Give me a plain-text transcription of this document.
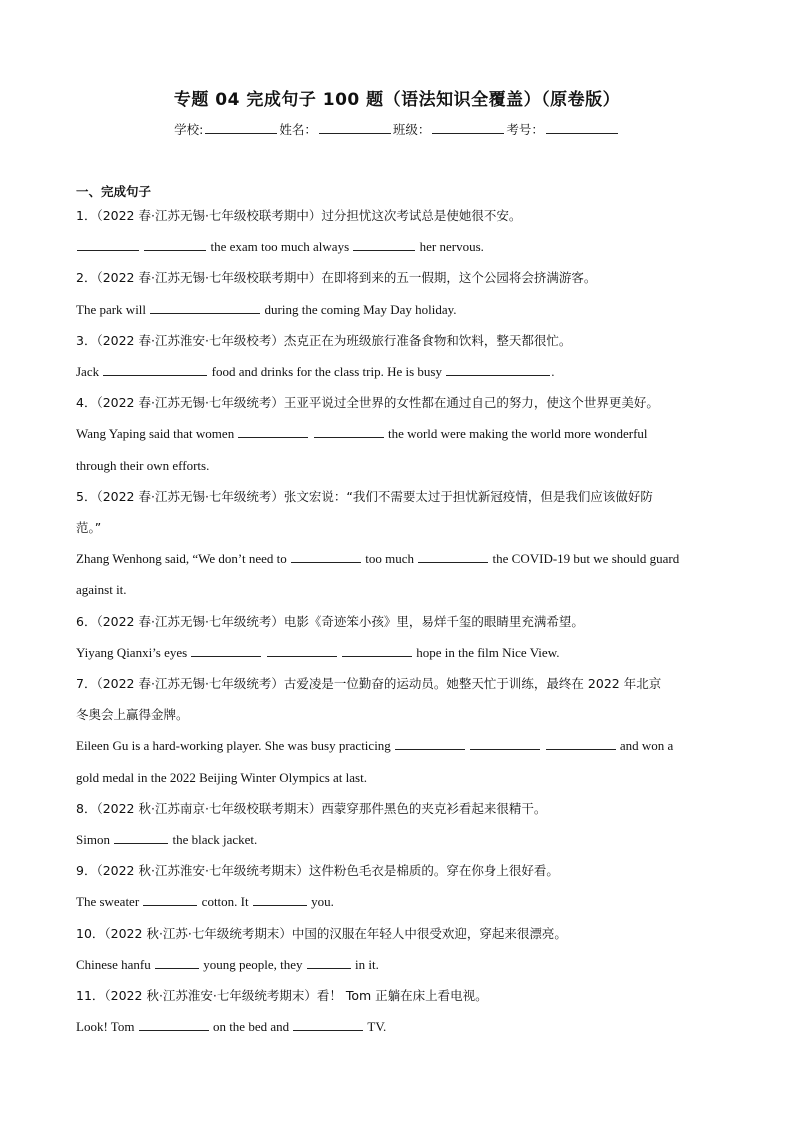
专题 04 完成句子 100 题（语法知识全覆盖）（原卷版）
学校:	姓名：	班级：	考号：
一、完成句子
1．（2022 春·江苏无锡·七年级校联考期中）过分担忧这次考试总是使她很不安。
the exam too much always	her nervous.
2．（2022 春·江苏无锡·七年级校联考期中）在即将到来的五一假期，这个公园将会挤满游客。
The park will	during the coming May Day holiday.
3．（2022 春·江苏淮安·七年级校考）杰克正在为班级旅行准备食物和饮料，整天都很忙。
Jack	food and drinks for the class trip. He is busy	.
4．（2022 春·江苏无锡·七年级统考）王亚平说过全世界的女性都在通过自己的努力，使这个世界更美好。
Wang Yaping said that women	the world were making the world more wonderful
through their own efforts.
5．（2022 春·江苏无锡·七年级统考）张文宏说：“我们不需要太过于担忧新冠疫情，但是我们应该做好防
范。”
Zhang Wenhong said, “We don’t need to	too much	the COVID-19 but we should guard
against it.
6．（2022 春·江苏无锡·七年级统考）电影《奇迹笨小孩》里，易烊千玺的眼睛里充满希望。
Yiyang Qianxi’s eyes	hope in the film Nice View.
7．（2022 春·江苏无锡·七年级统考）古爱凌是一位勤奋的运动员。她整天忙于训练，最终在 2022 年北京
冬奥会上赢得金牌。
Eileen Gu is a hard-working player. She was busy practicing	and won a
gold medal in the 2022 Beijing Winter Olympics at last.
8．（2022 秋·江苏南京·七年级校联考期末）西蒙穿那件黑色的夹克衫看起来很精干。
Simon	the black jacket.
9．（2022 秋·江苏淮安·七年级统考期末）这件粉色毛衣是棉质的。穿在你身上很好看。
The sweater	cotton. It	you.
10．（2022 秋·江苏·七年级统考期末）中国的汉服在年轻人中很受欢迎，穿起来很漂亮。
Chinese hanfu	young people, they	in it.
11．（2022 秋·江苏淮安·七年级统考期末）看！ Tom 正躺在床上看电视。
Look! Tom	on the bed and	TV.
